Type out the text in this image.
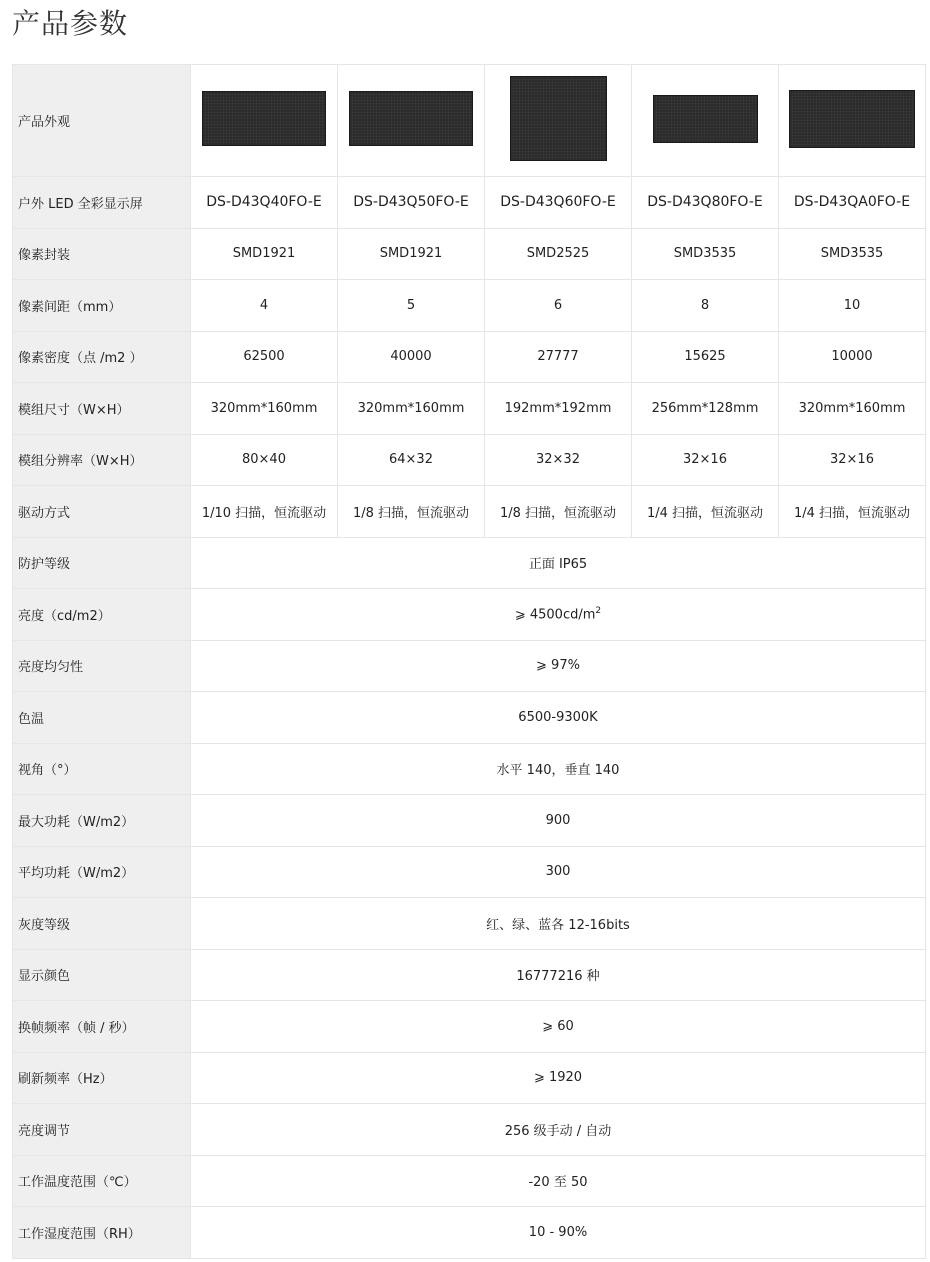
产品参数
产品外观					
户外 LED 全彩显示屏	DS-D43Q40FO-E	DS-D43Q50FO-E	DS-D43Q60FO-E	DS-D43Q80FO-E	DS-D43QA0FO-E
像素封装	SMD1921	SMD1921	SMD2525	SMD3535	SMD3535
像素间距（mm）	4	5	6	8	10
像素密度（点 /m2 ）	62500	40000	27777	15625	10000
模组尺寸（W×H）	320mm*160mm	320mm*160mm	192mm*192mm	256mm*128mm	320mm*160mm
模组分辨率（W×H）	80×40	64×32	32×32	32×16	32×16
驱动方式	1/10 扫描，恒流驱动	1/8 扫描，恒流驱动	1/8 扫描，恒流驱动	1/4 扫描，恒流驱动	1/4 扫描，恒流驱动
防护等级	正面 IP65				
亮度（cd/m2）	⩾ $4500cd/m^2$
亮度均匀性	⩾ 97%				
色温	6500-9300K				
视角（°）	水平 140，垂直 140				
最大功耗（W/m2）	900				
平均功耗（W/m2）	300				
灰度等级	红、绿、蓝各 12-16bits				
显示颜色	16777216 种				
换帧频率（帧 / 秒）	⩾ 60				
刷新频率（Hz）	⩾ 1920				
亮度调节	256 级手动 / 自动				
工作温度范围（℃）	-20 至 50				
工作湿度范围（RH）	10 - 90%				
